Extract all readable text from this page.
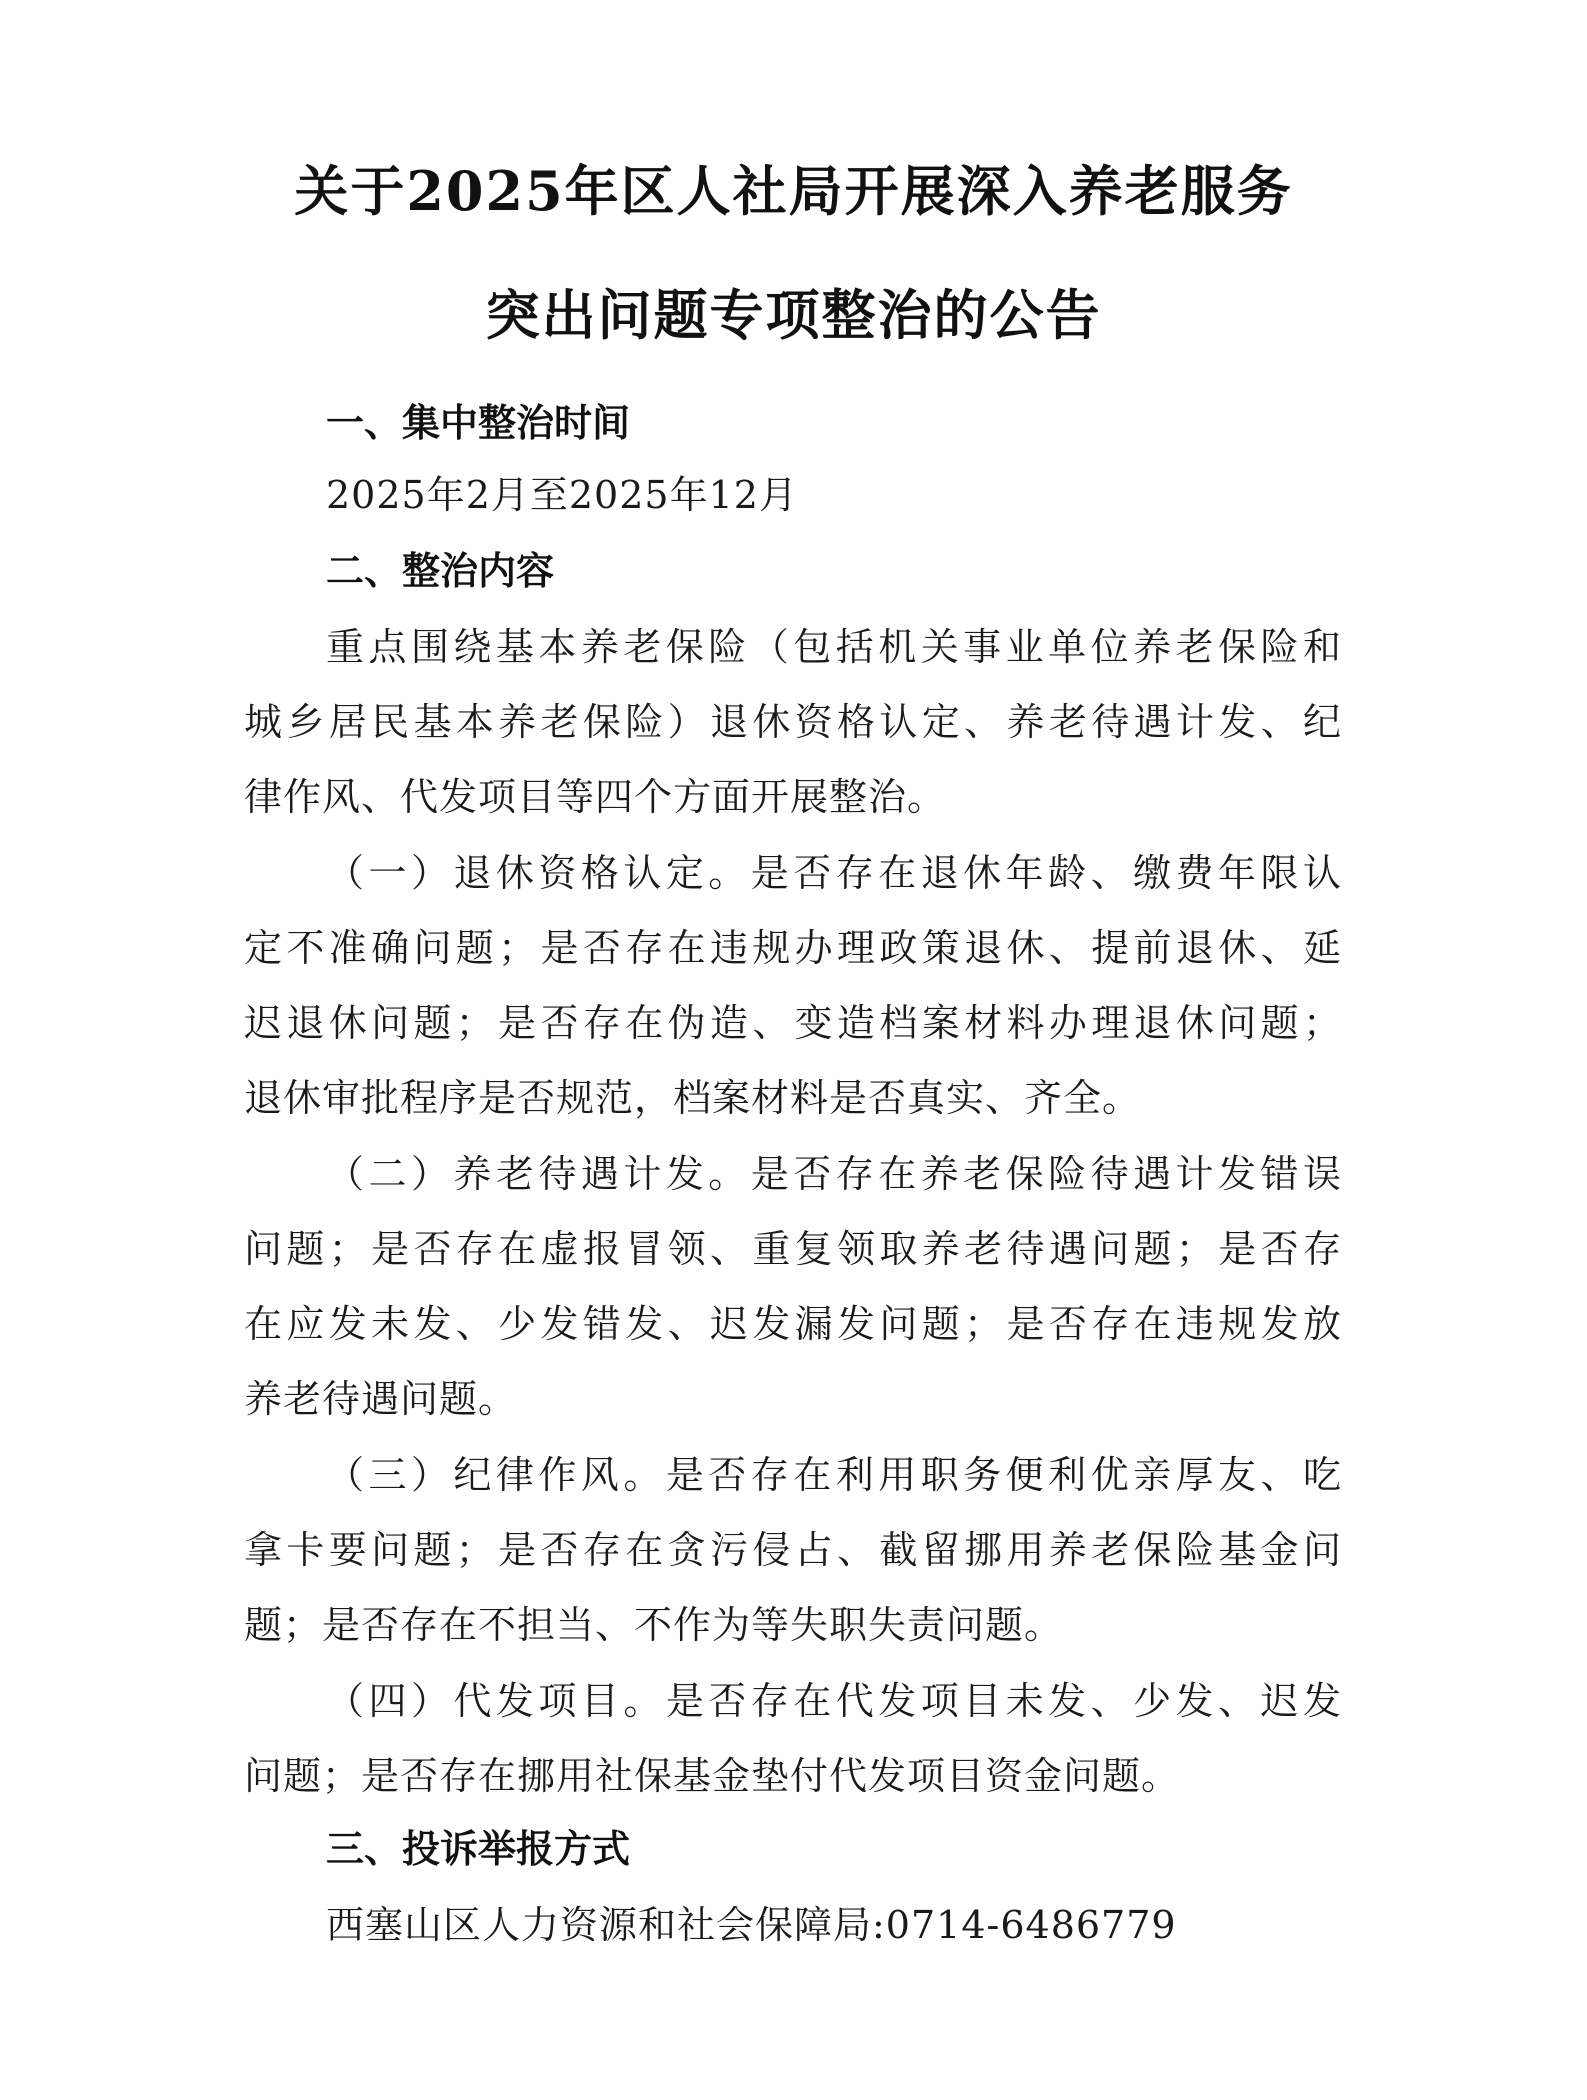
关于2025年区人社局开展深入养老服务
突出问题专项整治的公告
一、集中整治时间
2025年2月至2025年12月
二、整治内容
重点围绕基本养老保险（包括机关事业单位养老保险和
城乡居民基本养老保险）退休资格认定、养老待遇计发、纪
律作风、代发项目等四个方面开展整治。
（一）退休资格认定。是否存在退休年龄、缴费年限认
定不准确问题；是否存在违规办理政策退休、提前退休、延
迟退休问题；是否存在伪造、变造档案材料办理退休问题；
退休审批程序是否规范，档案材料是否真实、齐全。
（二）养老待遇计发。是否存在养老保险待遇计发错误
问题；是否存在虚报冒领、重复领取养老待遇问题；是否存
在应发未发、少发错发、迟发漏发问题；是否存在违规发放
养老待遇问题。
（三）纪律作风。是否存在利用职务便利优亲厚友、吃
拿卡要问题；是否存在贪污侵占、截留挪用养老保险基金问
题；是否存在不担当、不作为等失职失责问题。
（四）代发项目。是否存在代发项目未发、少发、迟发
问题；是否存在挪用社保基金垫付代发项目资金问题。
三、投诉举报方式
西塞山区人力资源和社会保障局:0714-6486779
